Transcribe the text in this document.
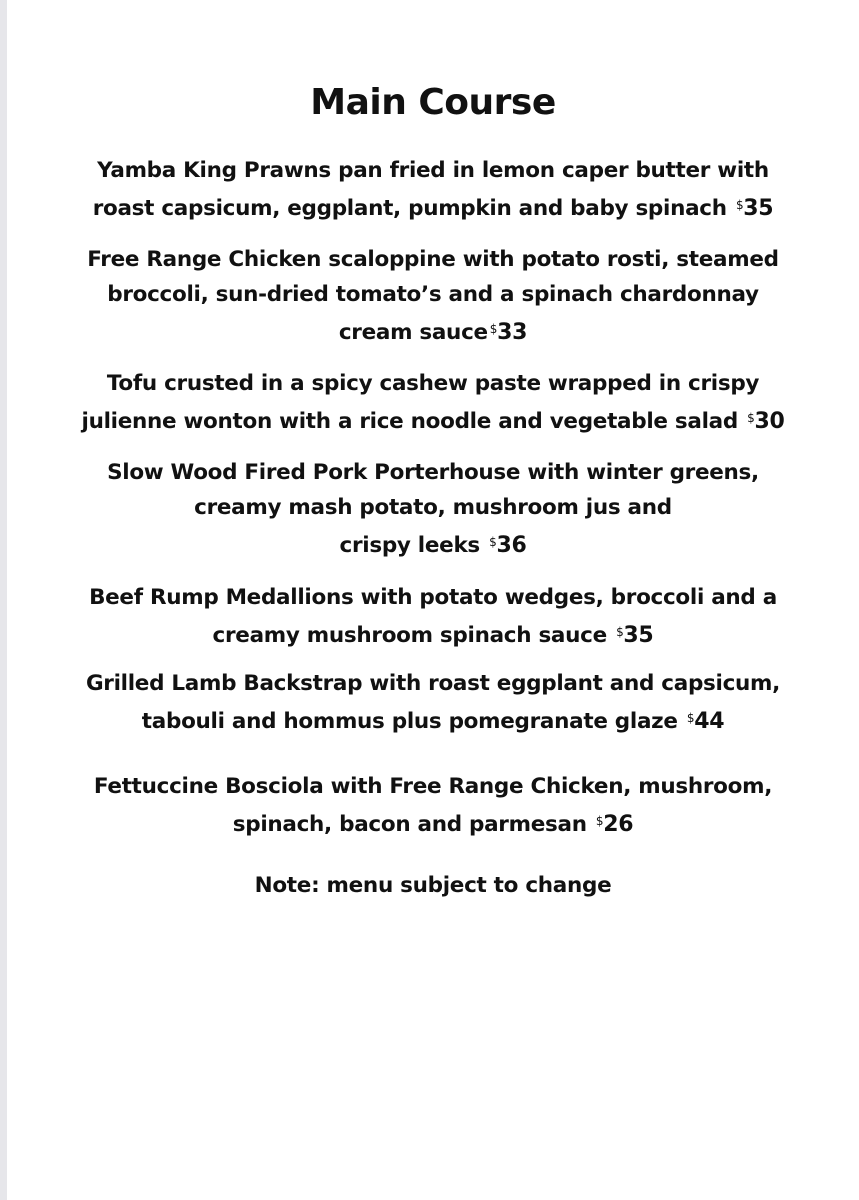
Main Course
Yamba King Prawns pan fried in lemon caper butter with
roast capsicum, eggplant, pumpkin and baby spinach $35
Free Range Chicken scaloppine with potato rosti, steamed
broccoli, sun-dried tomato’s and a spinach chardonnay
cream sauce $33
Tofu crusted in a spicy cashew paste wrapped in crispy
julienne wonton with a rice noodle and vegetable salad $30
Slow Wood Fired Pork Porterhouse with winter greens,
creamy mash potato, mushroom jus and
crispy leeks $36
Beef Rump Medallions with potato wedges, broccoli and a
creamy mushroom spinach sauce $35
Grilled Lamb Backstrap with roast eggplant and capsicum,
tabouli and hommus plus pomegranate glaze $44
Fettuccine Bosciola with Free Range Chicken, mushroom,
spinach, bacon and parmesan $26

Note: menu subject to change
